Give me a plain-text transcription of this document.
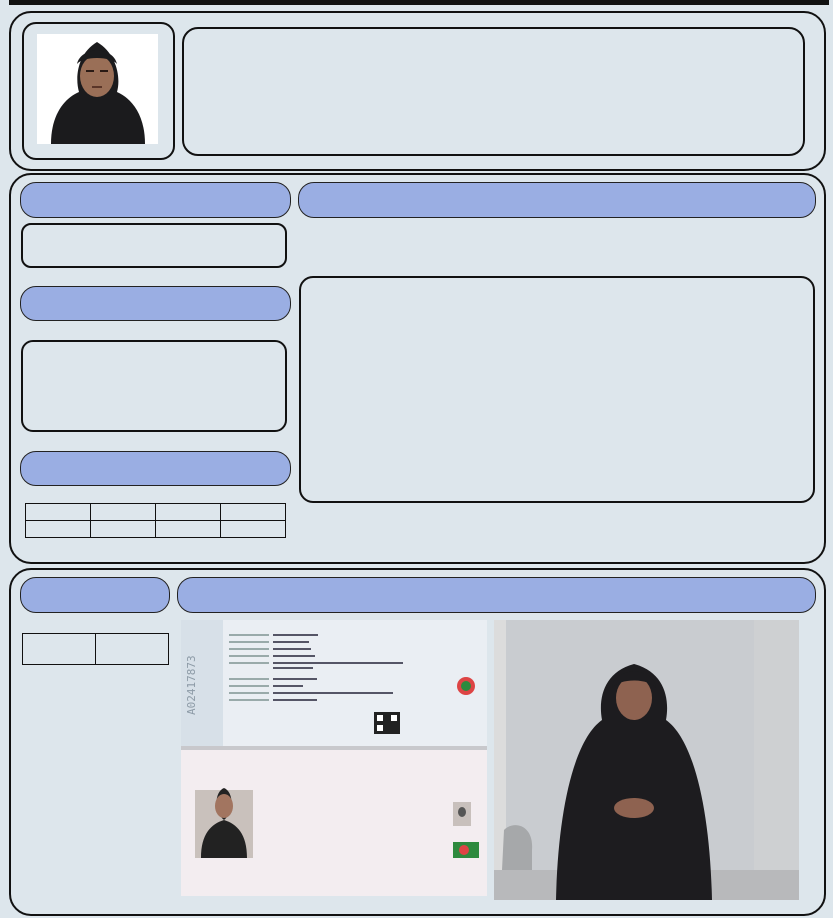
A02417873
